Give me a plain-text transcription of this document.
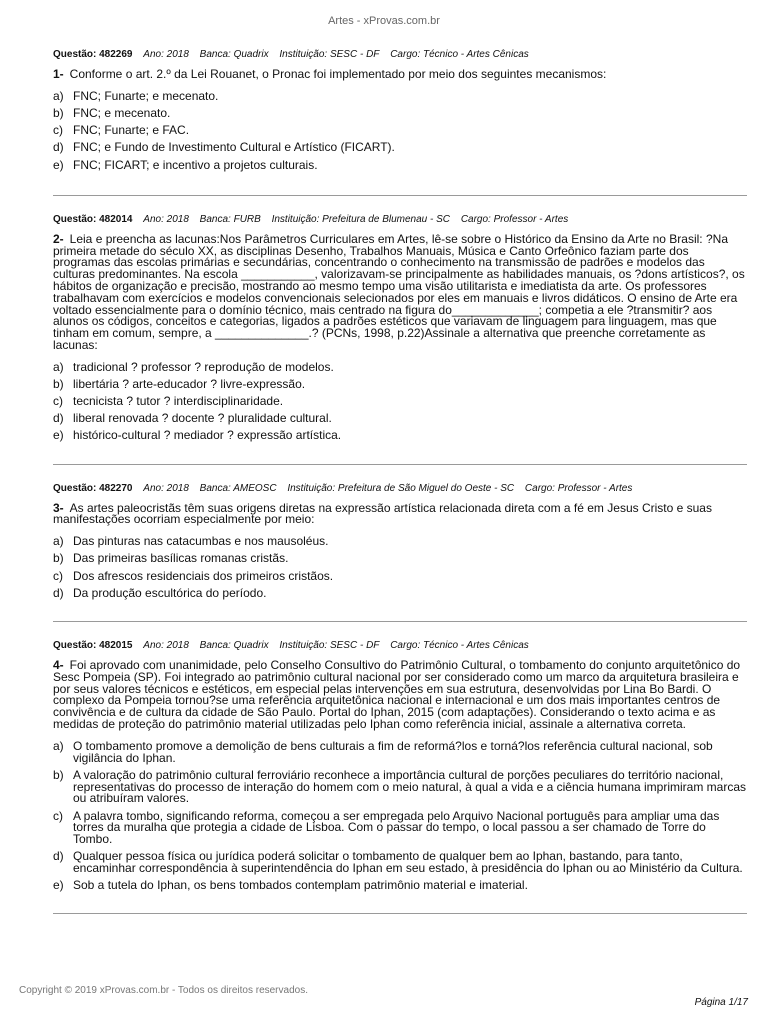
Artes - xProvas.com.br
Questão: 482269 Ano: 2018 Banca: Quadrix Instituição: SESC - DF Cargo: Técnico - Artes Cênicas
1- Conforme o art. 2.º da Lei Rouanet, o Pronac foi implementado por meio dos seguintes mecanismos:
a) FNC; Funarte; e mecenato.
b) FNC; e mecenato.
c) FNC; Funarte; e FAC.
d) FNC; e Fundo de Investimento Cultural e Artístico (FICART).
e) FNC; FICART; e incentivo a projetos culturais.
Questão: 482014 Ano: 2018 Banca: FURB Instituição: Prefeitura de Blumenau - SC Cargo: Professor - Artes
2- Leia e preencha as lacunas:Nos Parâmetros Curriculares em Artes, lê-se sobre o Histórico da Ensino da Arte no Brasil: ?Na primeira metade do século XX, as disciplinas Desenho, Trabalhos Manuais, Música e Canto Orfeônico faziam parte dos programas das escolas primárias e secundárias, concentrando o conhecimento na transmissão de padrões e modelos das culturas predominantes. Na escola ___________, valorizavam-se principalmente as habilidades manuais, os ?dons artísticos?, os hábitos de organização e precisão, mostrando ao mesmo tempo uma visão utilitarista e imediatista da arte. Os professores trabalhavam com exercícios e modelos convencionais selecionados por eles em manuais e livros didáticos. O ensino de Arte era voltado essencialmente para o domínio técnico, mais centrado na figura do_____________; competia a ele ?transmitir? aos alunos os códigos, conceitos e categorias, ligados a padrões estéticos que variavam de linguagem para linguagem, mas que tinham em comum, sempre, a ______________.? (PCNs, 1998, p.22)Assinale a alternativa que preenche corretamente as lacunas:
a) tradicional ? professor ? reprodução de modelos.
b) libertária ? arte-educador ? livre-expressão.
c) tecnicista ? tutor ? interdisciplinaridade.
d) liberal renovada ? docente ? pluralidade cultural.
e) histórico-cultural ? mediador ? expressão artística.
Questão: 482270 Ano: 2018 Banca: AMEOSC Instituição: Prefeitura de São Miguel do Oeste - SC Cargo: Professor - Artes
3- As artes paleocristãs têm suas origens diretas na expressão artística relacionada direta com a fé em Jesus Cristo e suas manifestações ocorriam especialmente por meio:
a) Das pinturas nas catacumbas e nos mausoléus.
b) Das primeiras basílicas romanas cristãs.
c) Dos afrescos residenciais dos primeiros cristãos.
d) Da produção escultórica do período.
Questão: 482015 Ano: 2018 Banca: Quadrix Instituição: SESC - DF Cargo: Técnico - Artes Cênicas
4- Foi aprovado com unanimidade, pelo Conselho Consultivo do Patrimônio Cultural, o tombamento do conjunto arquitetônico do Sesc Pompeia (SP). Foi integrado ao patrimônio cultural nacional por ser considerado como um marco da arquitetura brasileira e por seus valores técnicos e estéticos, em especial pelas intervenções em sua estrutura, desenvolvidas por Lina Bo Bardi. O complexo da Pompeia tornou?se uma referência arquitetônica nacional e internacional e um dos mais importantes centros de convivência e de cultura da cidade de São Paulo. Portal do Iphan, 2015 (com adaptações). Considerando o texto acima e as medidas de proteção do patrimônio material utilizadas pelo Iphan como referência inicial, assinale a alternativa correta.
a) O tombamento promove a demolição de bens culturais a fim de reformá?los e torná?los referência cultural nacional, sob vigilância do Iphan.
b) A valoração do patrimônio cultural ferroviário reconhece a importância cultural de porções peculiares do território nacional, representativas do processo de interação do homem com o meio natural, à qual a vida e a ciência humana imprimiram marcas ou atribuíram valores.
c) A palavra tombo, significando reforma, começou a ser empregada pelo Arquivo Nacional português para ampliar uma das torres da muralha que protegia a cidade de Lisboa. Com o passar do tempo, o local passou a ser chamado de Torre do Tombo.
d) Qualquer pessoa física ou jurídica poderá solicitar o tombamento de qualquer bem ao Iphan, bastando, para tanto, encaminhar correspondência à superintendência do Iphan em seu estado, à presidência do Iphan ou ao Ministério da Cultura.
e) Sob a tutela do Iphan, os bens tombados contemplam patrimônio material e imaterial.
Copyright © 2019 xProvas.com.br - Todos os direitos reservados.
Página 1/17
